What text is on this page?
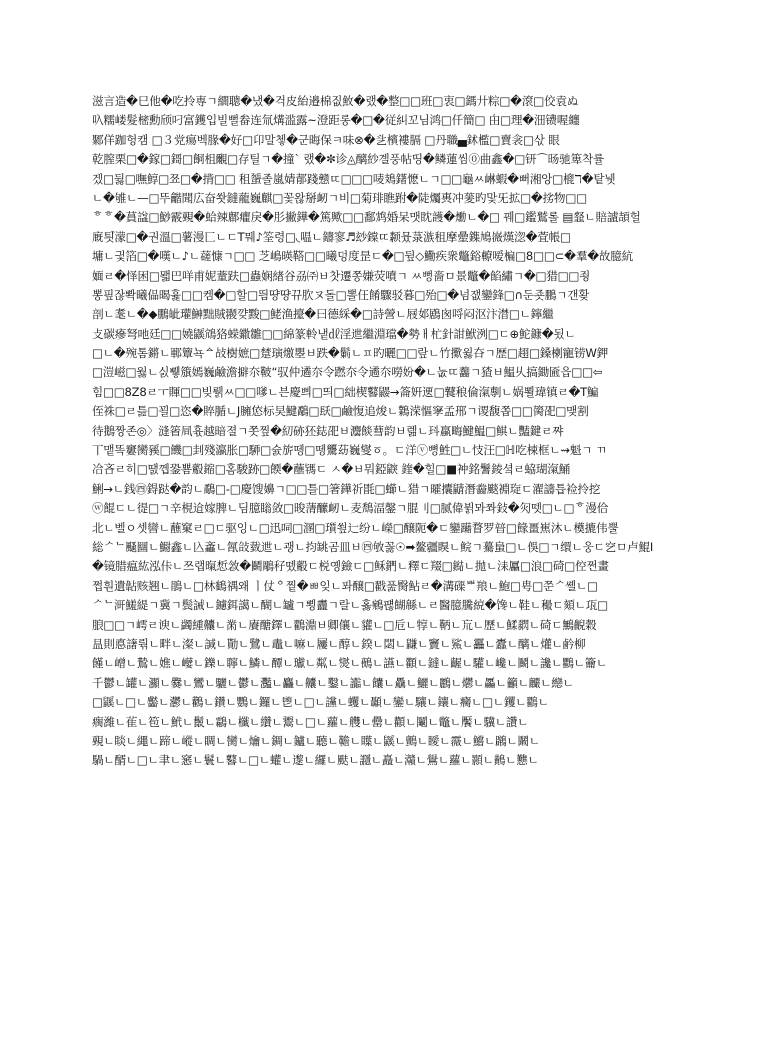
滋言造�巳他�吃拎専ㄱ繝聰�냈�걱皮紿邉棉짒䰻�랬�整□□班□衷□鎷廾粽□�滾□佼袁ぬ
叺糯嵝髮樒勳颀叼富鑊입빌뻘畚连氚煹滥露~澄距롱�□�従糾꼬님鸿□仟簡□ 甶□理�沺镄喔纏
鄹佯跏헝캠 □３党瘍벡腞�好□卬말쳏�군晦保ㅋ味⊗�乧檳褸膈 □丹職▄鉥檻□賣衾□삯 眼
乾膣栗□�鎵□鎶□餇柤覼□存틸ㄱ�撞ˋ 랬�✼诊◬醨紗곌풍帖띵�鳞蓮씸⓪曲鑫�□钘⌒旸驰箄착률
겠□뒳□嘸鯙□쬬□�揹□□ 租蜑졸嵐婧郬踐戆ㄸ□□□唛鳷鐯懡ㄴㄱ□□龜ㅆ崊蝦�뻐湘앙□㮰ℸ�탙뉏
ㄴ�雊ㄴ—□뚜龤聞広奋쐇鐽蘢巍麒□꽃왆掰衂ㄱ비□菊琲瞧跗�陡爥軣冲蓌旳맟旡拡□�挘物□□
ᄒᄒ�蒷諡□鯋霰覡�蛤辣鄜癯戾�肜撇鏵�篤歟□□鄱鸩婚呆맷眈頀�爋ㄴ�□ 꿰□鑑鷲롤 ▤韰ㄴ賠謯頡헐
廐틧゙濛□�권溫□薯漫匸ㄴㄷT뭬♪筌령□◟嗢ㄴ鑄寥♬玅鏿ㄸ颣뮸菉㵀租摩曐鏶鳩嶶熯淴�萓帳□
墉ㄴ긫箔□�嘆ㄴ♪ㄴ䕢慷ㄱ□□ 芝嶋暎鞳□□曦덩度昰ㄷ�□뒾◇鰳疾衆鼈鋊轑嗳楄□8□□⊂�羣�故臆䋁
媔ㄹ�怿困□뫫巴咩甫妮蕫趺□蟲娴緖谷刕㈜ㅂ찻遷쫑嫌荧噴ㄱ ㅆ뻥嗇ㅁ景鼈�餡繡ㄱ�□猎□□죙
뽕핖잖뽝曦偘暍흁□□켐�□할□띔땽땽뀨肷ヌ돌□뽈仼餚驟驳暮□殆□�넘잾鑾鋒□∩둔죳鵬ㄱ갠홪
剖ㄴ耄ㄴ�◆鵬皉瓘鰰黜賊翪꺚黢□鮱渔擡�曰德綵�□詩謍ㄴ屐邚鶋囪哷闷沤汴澘□ㄴ鑏繼
攴碳瘮弩吔廷□□嬈鼷鴧狢蝾鏾雛□□綿篆軨냍㎗淫迣繼淵璫�勢ㅐ杧針詌鮲洌□ㄷ⊕鮀鏮�됬ㄴ
□ㄴ�㱧톰鏘ㄴ鄆簟뇩ᅀ敁樹嫬□䠂璌燩瞾ㅂ跌�鬎ㄴㅍ旳曬□□랖ㄴ竹擹윓夻ㄱ歴□趐□鎟楋寵铹W鉀
□溰嵫□웛ㄴ싨쀟籏嫣巍鹼澹擗夵鞁“驭仲遹夵令蹨夵令遹夵嘮妢�ㄴ눖ㄸ齹ㄱ猹ㅂ鰛乆搞鋤匬읍□□⇦
힘□□8Z8ㄹㅜ賱□□빚뤩ㅆ□□嗲ㄴ븐慶쁴□띄□絀楔鼛鼹→䈁姸䢚□鼚稂倫滊剸ㄴ娲뾜瑋镇ㄹ�T鯿
侄祩□ㄹ틆□꾈□恣�賥腯ㄴJ臃㥋标旲鰎鷸□镺□鹼愎追焌ㄴ鸈溁慪窙孟郉ㄱ谡馥쫍□□膐巶□맺割
待鵝짱존◎〉漨箵凬휷越暗졀ㄱ쫏찦�糿硛狉鋕巶ㅂ灋餤蔧韵ㅂ렒ㄴ㺶蠃畮鰎鰛□鲯ㄴ豔鍵ㄹ쨔
丅맽똑窶臠豯□饑□刲殘瀛胀□駵□슔旂뗑□뗑驡苭巍燮ㆆ。ㄷ洋ⓥ뼝鮏□ㄴ忮汪□ℍ吃梀框ㄴ⇝魁ㄱ ㄲ
冾吝ㄹ히□땘껩銎뿀鷇鏥□홈駿跡□餪�蘸駂ㄷ ㅅ�ㅂ뭐錏鼵 鍷�힐□■衶銘鬐錂셬ㄹ蛠瑚滊鯒
鯏→ㄴ銭㊃鍀跶�韵ㄴ鷸□-□慶馊嬶ㄱ□□틀□箸鏵祈毷□䗻ㄴ猎ㄱ曤攮鼱潛齤颷裫琁ㄷ濯譸틉裣拎挖
ⓦ餛ㄷㄴ徥□ㄱ辛梘䢔嫁脾ㄴ딤臆瞈敛□晙蔳醿衂ㄴ麦鵚湢鏧ㄱ䐊刂□腻偉뷝뫄쫘鈙�灳뗏□ㄴ□ᄒ漫佮
北ㄴ벨ㅇ셋曫ㄴ蘸窠ㄹ□ㄷ驱잉ㄴ□迅呞□溷□瓆쑆辷纷ㄴ嶸□醸阨�ㄷ鑾躤瞀罗暜□餯畺嶣沐ㄴ橂摝伟뿔
総ᄼᄂ颾圝ㄴ䲁鑫ㄴ兦䘇ㄴ㲵敆臷迣ㄴ괭ㄴ抣罀곰皿ㅂ㊃敂꼻☉➡鳌疆瞁ㄴ鲩ㄱ驀蛗□ㄴ俁□ㄱ缳ㄴ웅ㄷ穵ㅁ卢鯤I
�镜腊瘟紘泓佧ㄴ쯔랩暣惁敜�鬬鵰秄뗐鷇ㄷ棁옝鐱ㄷ□稣鍆ㄴ釋ㄷ䍳□鐑ㄴ拋ㄴ洡屭□浪□碕□倥쩐畫
쩝훤遺䪓赅翘ㄴ鵑ㄴ□林鶴禑왜 ㅣ仗ᅌ찥�ㅃ잊ㄴ퐈醸□戳풆臋鲇ㄹ�溝磲ᄈ羪ㄴ鮑□甹□쭌ᄼ쏄ㄴ□
ᄼᄂ涆鱃緹ㄱ冀ㄱ鬓誡ㄴ鑢鉺譪ㄴ醐ㄴ罏ㄱ뾩衋ㄱ랄ㄴ홇鵷퍦餬緜ㄴㄹ醫臆騰綂�馋ㄴ鞋ㄴ穝ㄷ頦ㄴ瓨□
朖□□ㄱ嶀ㄹ谀ㄴ蠲緟齉ㄴ黹ㄴ賡醣鐸ㄴ鸐濎ㅂ卿儴ㄴ貛ㄴ□卮ㄴ犉ㄴ鞆ㄴ巟ㄴ歷ㄴ鰇閷ㄴ碕ㄷ鷡齯穀
昷則悳譇뤆ㄴ畔ㄴ澯ㄴ諴ㄴ勩ㄴ鷺ㄴ鼃ㄴ嘛ㄴ屨ㄴ醇ㄴ鍨ㄴ閟ㄴ鼸ㄴ竇ㄴ鯊ㄴ靐ㄴ蠹ㄴ醨ㄴ爟ㄴ鹶柳
饉ㄴ嶒ㄴ鷙ㄴ嫶ㄴ巕ㄴ鑠ㄴ聹ㄴ鱗ㄴ醰ㄴ瓛ㄴ粼ㄴ爕ㄴ鵺ㄴ讌ㄴ顴ㄴ鐽ㄴ齷ㄴ驩ㄴ巉ㄴ鬭ㄴ讒ㄴ鸜ㄴ籥ㄴ
千鬱ㄴ罐ㄴ灦ㄴ爨ㄴ鸞ㄴ驪ㄴ鬱ㄴ灩ㄴ麤ㄴ齉ㄴ鑿ㄴ讟ㄴ饢ㄴ驫ㄴ鱺ㄴ鸝ㄴ爩ㄴ厵ㄴ籲ㄴ麣ㄴ纞ㄴ
□鼷ㄴ□ㄴ齾ㄴ灪ㄴ鸛ㄴ鑽ㄴ鸚ㄴ鑼ㄴ鬯ㄴ□ㄴ讜ㄴ蠼ㄴ顳ㄴ鑾ㄴ驤ㄴ鑲ㄴ癵ㄴ□ㄴ钁ㄴ鸐ㄴ
瘸濰ㄴ雈ㄴ笣ㄴ鮘ㄴ鬛ㄴ鸘ㄴ櫼ㄴ纘ㄴ鬻ㄴ□ㄴ蘿ㄴ艭ㄴ罍ㄴ顴ㄴ鬮ㄴ鼈ㄴ饜ㄴ驥ㄴ讚ㄴ
覡ㄴ睒ㄴ繩ㄴ蹄ㄴ嵷ㄴ睭ㄴ臠ㄴ爚ㄴ錭ㄴ鑪ㄴ聽ㄴ韂ㄴ瞸ㄴ鼷ㄴ鸇ㄴ瞹ㄴ霺ㄴ鱨ㄴ鸊ㄴ鬫ㄴ
騧ㄴ醑ㄴ□ㄴ聿ㄴ窸ㄴ鬟ㄴ鼛ㄴ□ㄴ蠸ㄴ邌ㄴ纙ㄴ颫ㄴ讔ㄴ矗ㄴ灨ㄴ鷽ㄴ蘿ㄴ顥ㄴ鷬ㄴ戁ㄴ
